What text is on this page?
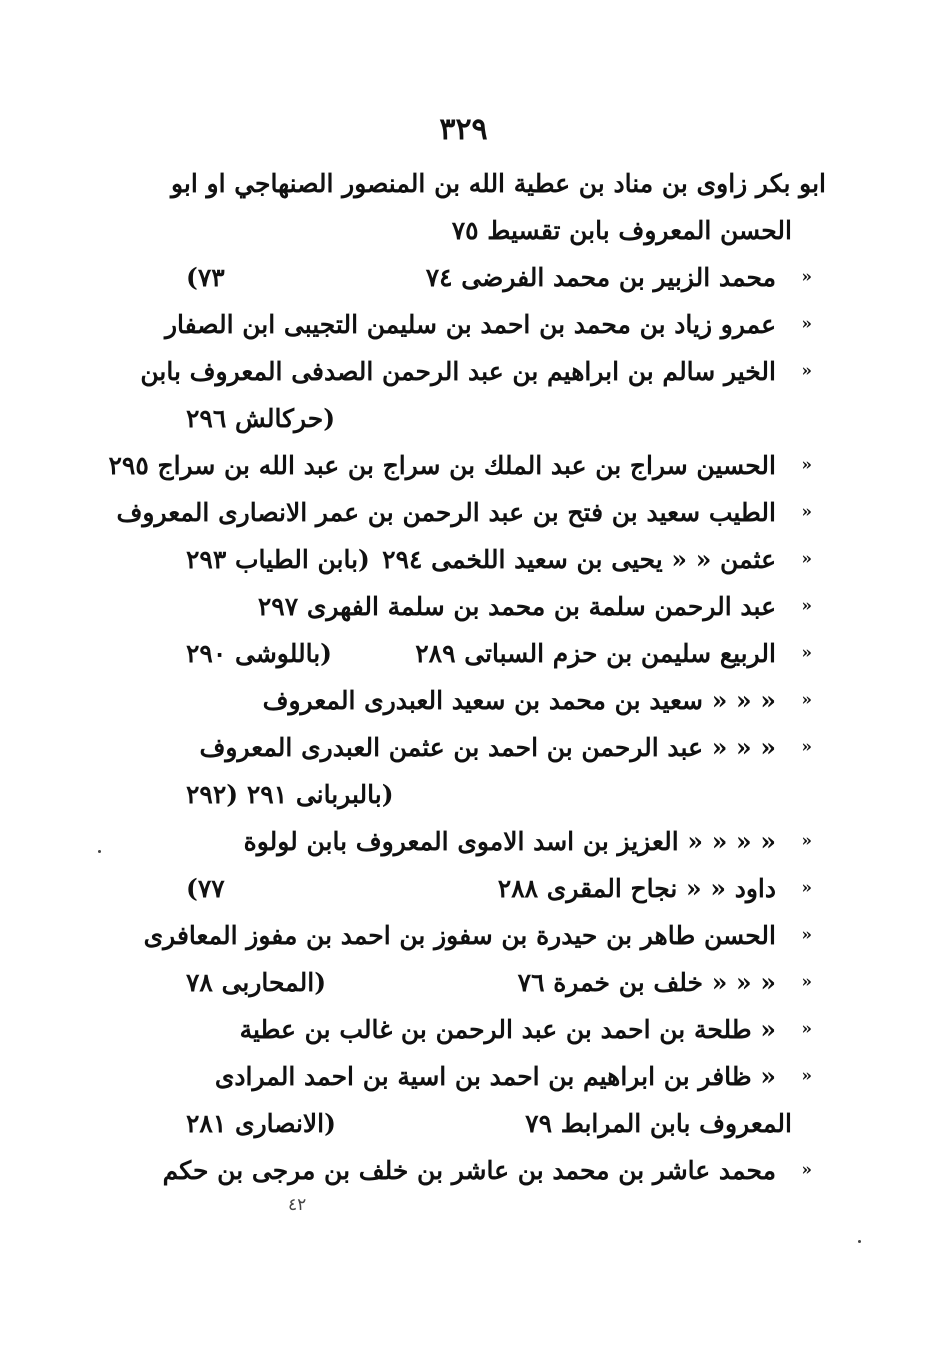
٣٢٩
ابو بكر زاوى بن مناد بن عطية الله بن المنصور الصنهاجي او ابو
الحسن المعروف بابن تقسيط ٧٥
«
محمد الزبير بن محمد الفرضى ٧٤
٧٣)
«
عمرو زياد بن محمد بن احمد بن سليمن التجيبى ابن الصفار
«
الخير سالم بن ابراهيم بن عبد الرحمن الصدفى المعروف بابن
(حركالش ٢٩٦
«
الحسين سراج بن عبد الملك بن سراج بن عبد الله بن سراج ٢٩٥
«
الطيب سعيد بن فتح بن عبد الرحمن بن عمر الانصارى المعروف
«
عثمن « « يحيى بن سعيد اللخمى ٢٩٤
(بابن الطياب ٢٩٣
«
عبد الرحمن سلمة بن محمد بن سلمة الفهرى ٢٩٧
«
الربيع سليمن بن حزم السباتى ٢٨٩
(باللوشى ٢٩٠
«
« « « سعيد بن محمد بن سعيد العبدرى المعروف
«
« « « عبد الرحمن بن احمد بن عثمن العبدرى المعروف
(بالبربانى ٢٩١ (٢٩٢
«
« « « « العزيز بن اسد الاموى المعروف بابن لولوة
«
داود « « نجاح المقرى ٢٨٨
٧٧)
«
الحسن طاهر بن حيدرة بن سفوز بن احمد بن مفوز المعافرى
«
« « « خلف بن خمرة ٧٦
(المحاربى ٧٨
«
« طلحة بن احمد بن عبد الرحمن بن غالب بن عطية
«
« ظافر بن ابراهيم بن احمد بن اسية بن احمد المرادى
المعروف بابن المرابط ٧٩
(الانصارى ٢٨١
«
محمد عاشر بن محمد بن عاشر بن خلف بن مرجى بن حكم
٤٢
